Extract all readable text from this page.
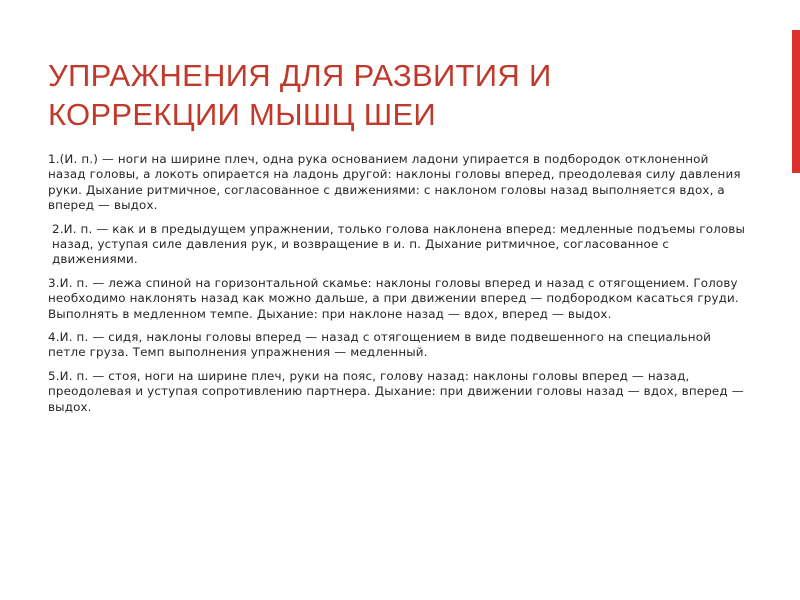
УПРАЖНЕНИЯ ДЛЯ РАЗВИТИЯ И КОРРЕКЦИИ МЫШЦ ШЕИ

1.(И. п.) — ноги на ширине плеч, одна рука основанием ладони упирается в подбородок отклоненной назад головы, а локоть опирается на ладонь другой: наклоны головы вперед, преодолевая силу давления руки. Дыхание ритмичное, согласованное с движениями: с наклоном головы назад выполняется вдох, а вперед — выдох.

2.И. п. — как и в предыдущем упражнении, только голова наклонена вперед: медленные подъемы головы назад, уступая силе давления рук, и возвращение в и. п. Дыхание ритмичное, согласованное с движениями.

3.И. п. — лежа спиной на горизонтальной скамье: наклоны головы вперед и назад с отягощением. Голову необходимо наклонять назад как можно дальше, а при движении вперед — подбородком касаться груди. Выполнять в медленном темпе. Дыхание: при наклоне назад — вдох, вперед — выдох.

4.И. п. — сидя, наклоны головы вперед — назад с отягощением в виде подвешенного на специальной петле груза. Темп выполнения упражнения — медленный.

5.И. п. — стоя, ноги на ширине плеч, руки на пояс, голову назад: наклоны головы вперед — назад, преодолевая и уступая сопротивлению партнера. Дыхание: при движении головы назад — вдох, вперед — выдох.
